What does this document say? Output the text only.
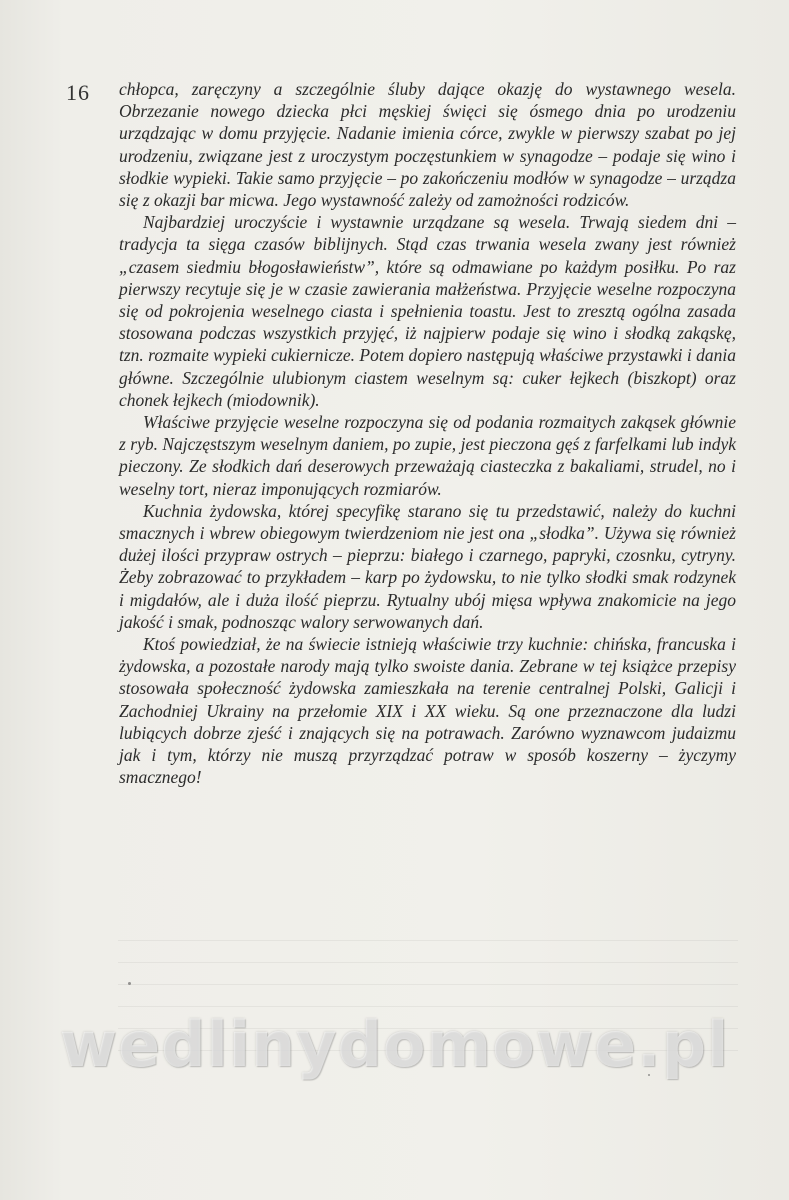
16 chłopca, zaręczyny a szczególnie śluby dające okazję do wystawnego wesela. Obrzezanie nowego dziecka płci męskiej święci się ósmego dnia po urodzeniu urządzając w domu przyjęcie. Nadanie imienia córce, zwykle w pierwszy szabat po jej urodzeniu, związane jest z uroczystym poczęstunkiem w synagodze – podaje się wino i słodkie wypieki. Takie samo przyjęcie – po zakończeniu modłów w synagodze – urządza się z okazji bar micwa. Jego wystawność zależy od zamożności rodziców.

Najbardziej uroczyście i wystawnie urządzane są wesela. Trwają siedem dni – tradycja ta sięga czasów biblijnych. Stąd czas trwania wesela zwany jest również „czasem siedmiu błogosławieństw”, które są odmawiane po każdym posiłku. Po raz pierwszy recytuje się je w czasie zawierania małżeństwa. Przyjęcie weselne rozpoczyna się od pokrojenia weselnego ciasta i spełnienia toastu. Jest to zresztą ogólna zasada stosowana podczas wszystkich przyjęć, iż najpierw podaje się wino i słodką zakąskę, tzn. rozmaite wypieki cukiernicze. Potem dopiero następują właściwe przystawki i dania główne. Szczególnie ulubionym ciastem weselnym są: cuker łejkech (biszkopt) oraz chonek łejkech (miodownik).

Właściwe przyjęcie weselne rozpoczyna się od podania rozmaitych zakąsek głównie z ryb. Najczęstszym weselnym daniem, po zupie, jest pieczona gęś z farfelkami lub indyk pieczony. Ze słodkich dań deserowych przeważają ciasteczka z bakaliami, strudel, no i weselny tort, nieraz imponujących rozmiarów.

Kuchnia żydowska, której specyfikę starano się tu przedstawić, należy do kuchni smacznych i wbrew obiegowym twierdzeniom nie jest ona „słodka”. Używa się również dużej ilości przypraw ostrych – pieprzu: białego i czarnego, papryki, czosnku, cytryny. Żeby zobrazować to przykładem – karp po żydowsku, to nie tylko słodki smak rodzynek i migdałów, ale i duża ilość pieprzu. Rytualny ubój mięsa wpływa znakomicie na jego jakość i smak, podnosząc walory serwowanych dań.

Ktoś powiedział, że na świecie istnieją właściwie trzy kuchnie: chińska, francuska i żydowska, a pozostałe narody mają tylko swoiste dania. Zebrane w tej książce przepisy stosowała społeczność żydowska zamieszkała na terenie centralnej Polski, Galicji i Zachodniej Ukrainy na przełomie XIX i XX wieku. Są one przeznaczone dla ludzi lubiących dobrze zjeść i znających się na potrawach. Zarówno wyznawcom judaizmu jak i tym, którzy nie muszą przyrządzać potraw w sposób koszerny – życzymy smacznego!

wedlinydomowe.pl
